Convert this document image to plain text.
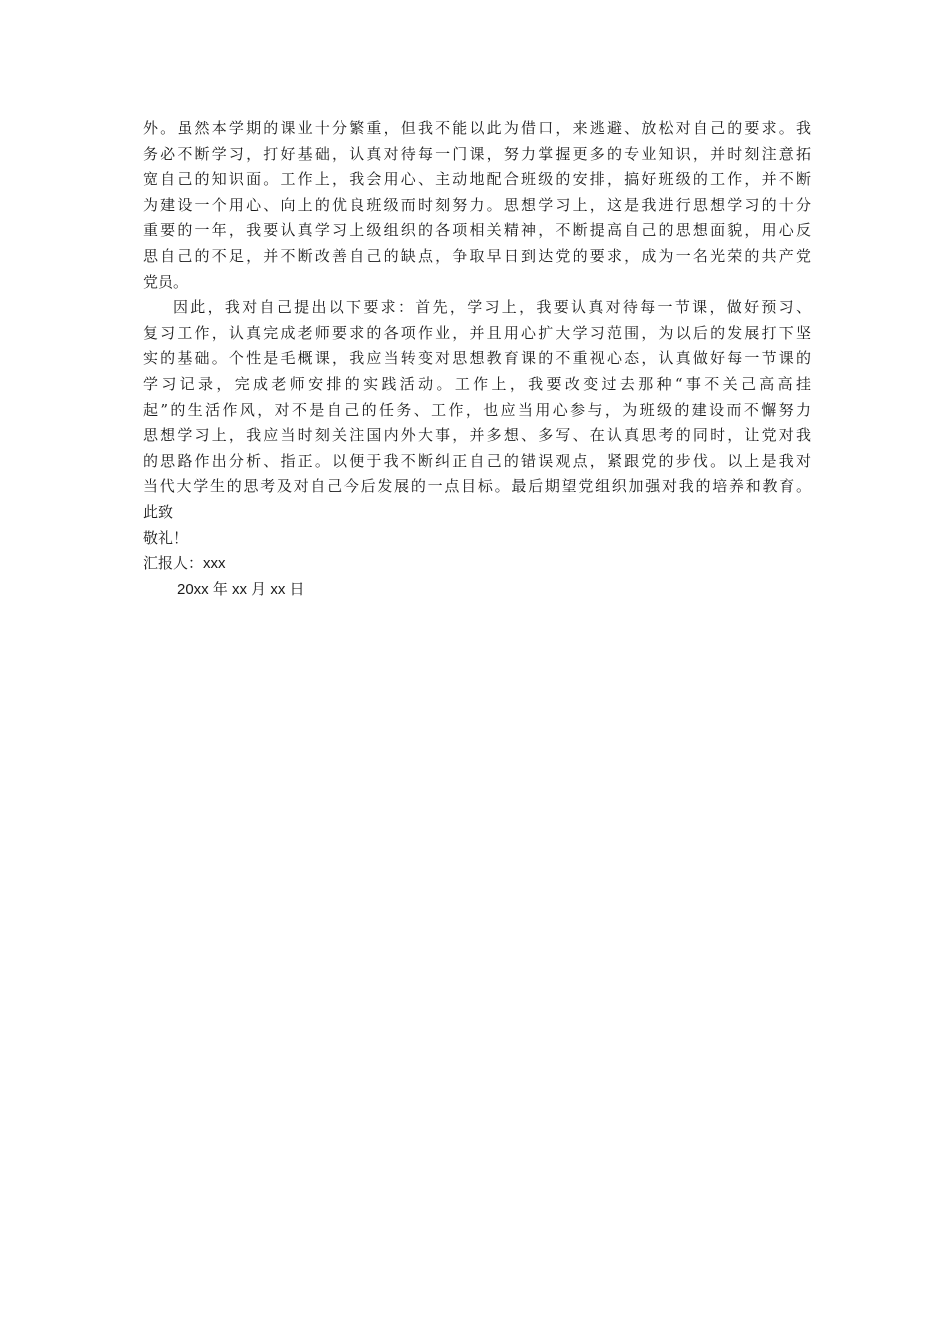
外。虽然本学期的课业十分繁重，但我不能以此为借口，来逃避、放松对自己的要求。我
务必不断学习，打好基础，认真对待每一门课，努力掌握更多的专业知识，并时刻注意拓
宽自己的知识面。工作上，我会用心、主动地配合班级的安排，搞好班级的工作，并不断
为建设一个用心、向上的优良班级而时刻努力。思想学习上，这是我进行思想学习的十分
重要的一年，我要认真学习上级组织的各项相关精神，不断提高自己的思想面貌，用心反
思自己的不足，并不断改善自己的缺点，争取早日到达党的要求，成为一名光荣的共产党
党员。
因此，我对自己提出以下要求：首先，学习上，我要认真对待每一节课，做好预习、
复习工作，认真完成老师要求的各项作业，并且用心扩大学习范围，为以后的发展打下坚
实的基础。个性是毛概课，我应当转变对思想教育课的不重视心态，认真做好每一节课的
学习记录，完成老师安排的实践活动。工作上，我要改变过去那种“事不关己高高挂
起”的生活作风，对不是自己的任务、工作，也应当用心参与，为班级的建设而不懈努力
思想学习上，我应当时刻关注国内外大事，并多想、多写、在认真思考的同时，让党对我
的思路作出分析、指正。以便于我不断纠正自己的错误观点，紧跟党的步伐。以上是我对
当代大学生的思考及对自己今后发展的一点目标。最后期望党组织加强对我的培养和教育。
此致
敬礼！
汇报人：xxx
20xx 年 xx 月 xx 日
